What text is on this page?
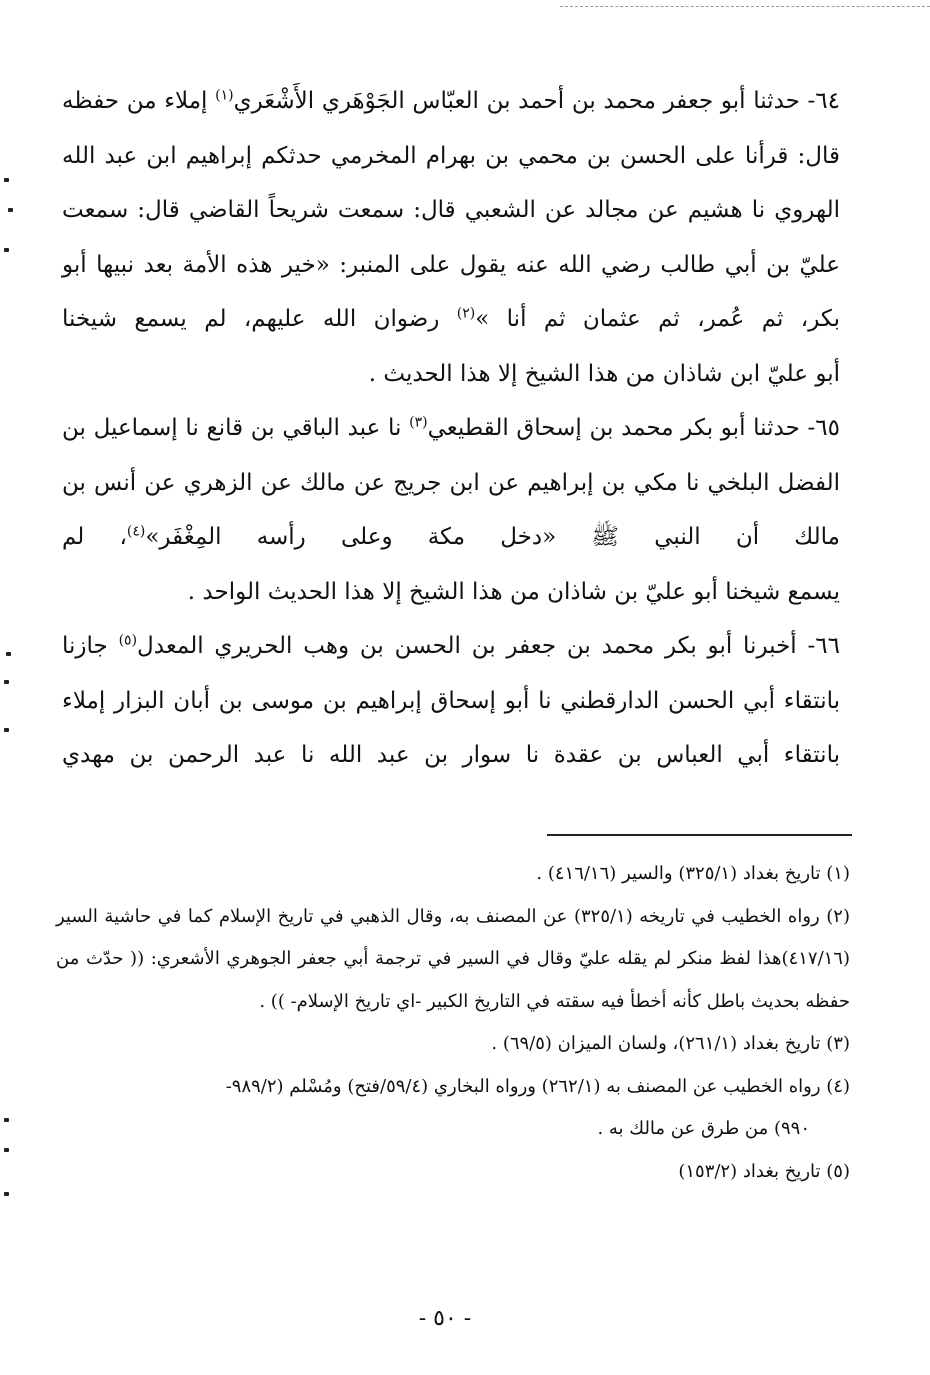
٦٤- حدثنا أبو جعفر محمد بن أحمد بن العبّاس الجَوْهَري الأَشْعَري$^{(١)}$ إملاء من حفظه قال: قرأنا على الحسن بن محمي بن بهرام المخرمي حدثكم إبراهيم ابن عبد الله الهروي نا هشيم عن مجالد عن الشعبي قال: سمعت شريحاً القاضي قال: سمعت عليّ بن أبي طالب رضي الله عنه يقول على المنبر: «خير هذه الأمة بعد نبيها أبو بكر، ثم عُمر، ثم عثمان ثم أنا »$^{(٢)}$ رضوان الله عليهم، لم يسمع شيخنا
أبو عليّ ابن شاذان من هذا الشيخ إلا هذا الحديث .

٦٥- حدثنا أبو بكر محمد بن إسحاق القطيعي$^{(٣)}$ نا عبد الباقي بن قانع نا إسماعيل بن الفضل البلخي نا مكي بن إبراهيم عن ابن جريج عن مالك عن الزهري عن أنس بن مالك أن النبي ﷺ «دخل مكة وعلى رأسه المِغْفَر»$^{(٤)}$، لم
يسمع شيخنا أبو عليّ بن شاذان من هذا الشيخ إلا هذا الحديث الواحد .

٦٦- أخبرنا أبو بكر محمد بن جعفر بن الحسن بن وهب الحريري المعدل$^{(٥)}$ جازنا بانتقاء أبي الحسن الدارقطني نا أبو إسحاق إبراهيم بن موسى بن أبان البزار إملاء بانتقاء أبي العباس بن عقدة نا سوار بن عبد الله نا عبد الرحمن بن مهدي

(١) تاريخ بغداد (٣٢٥/١) والسير (٤١٦/١٦) .

(٢) رواه الخطيب في تاريخه (٣٢٥/١) عن المصنف به، وقال الذهبي في تاريخ الإسلام كما في حاشية السير (٤١٧/١٦)هذا لفظ منكر لم يقله عليّ وقال في السير في ترجمة أبي جعفر الجوهري الأشعري: (( حدّث من حفظه بحديث باطل كأنه أخطأ فيه سقته في التاريخ الكبير -اي تاريخ الإسلام- )) .

(٣) تاريخ بغداد (٢٦١/١)، ولسان الميزان (٦٩/٥) .

(٤) رواه الخطيب عن المصنف به (٢٦٢/١) ورواه البخاري (٥٩/٤/فتح) ومُسْلم (٩٨٩/٢-

٩٩٠) من طرق عن مالك به .

(٥) تاريخ بغداد (١٥٣/٢)

- ٥٠ -
